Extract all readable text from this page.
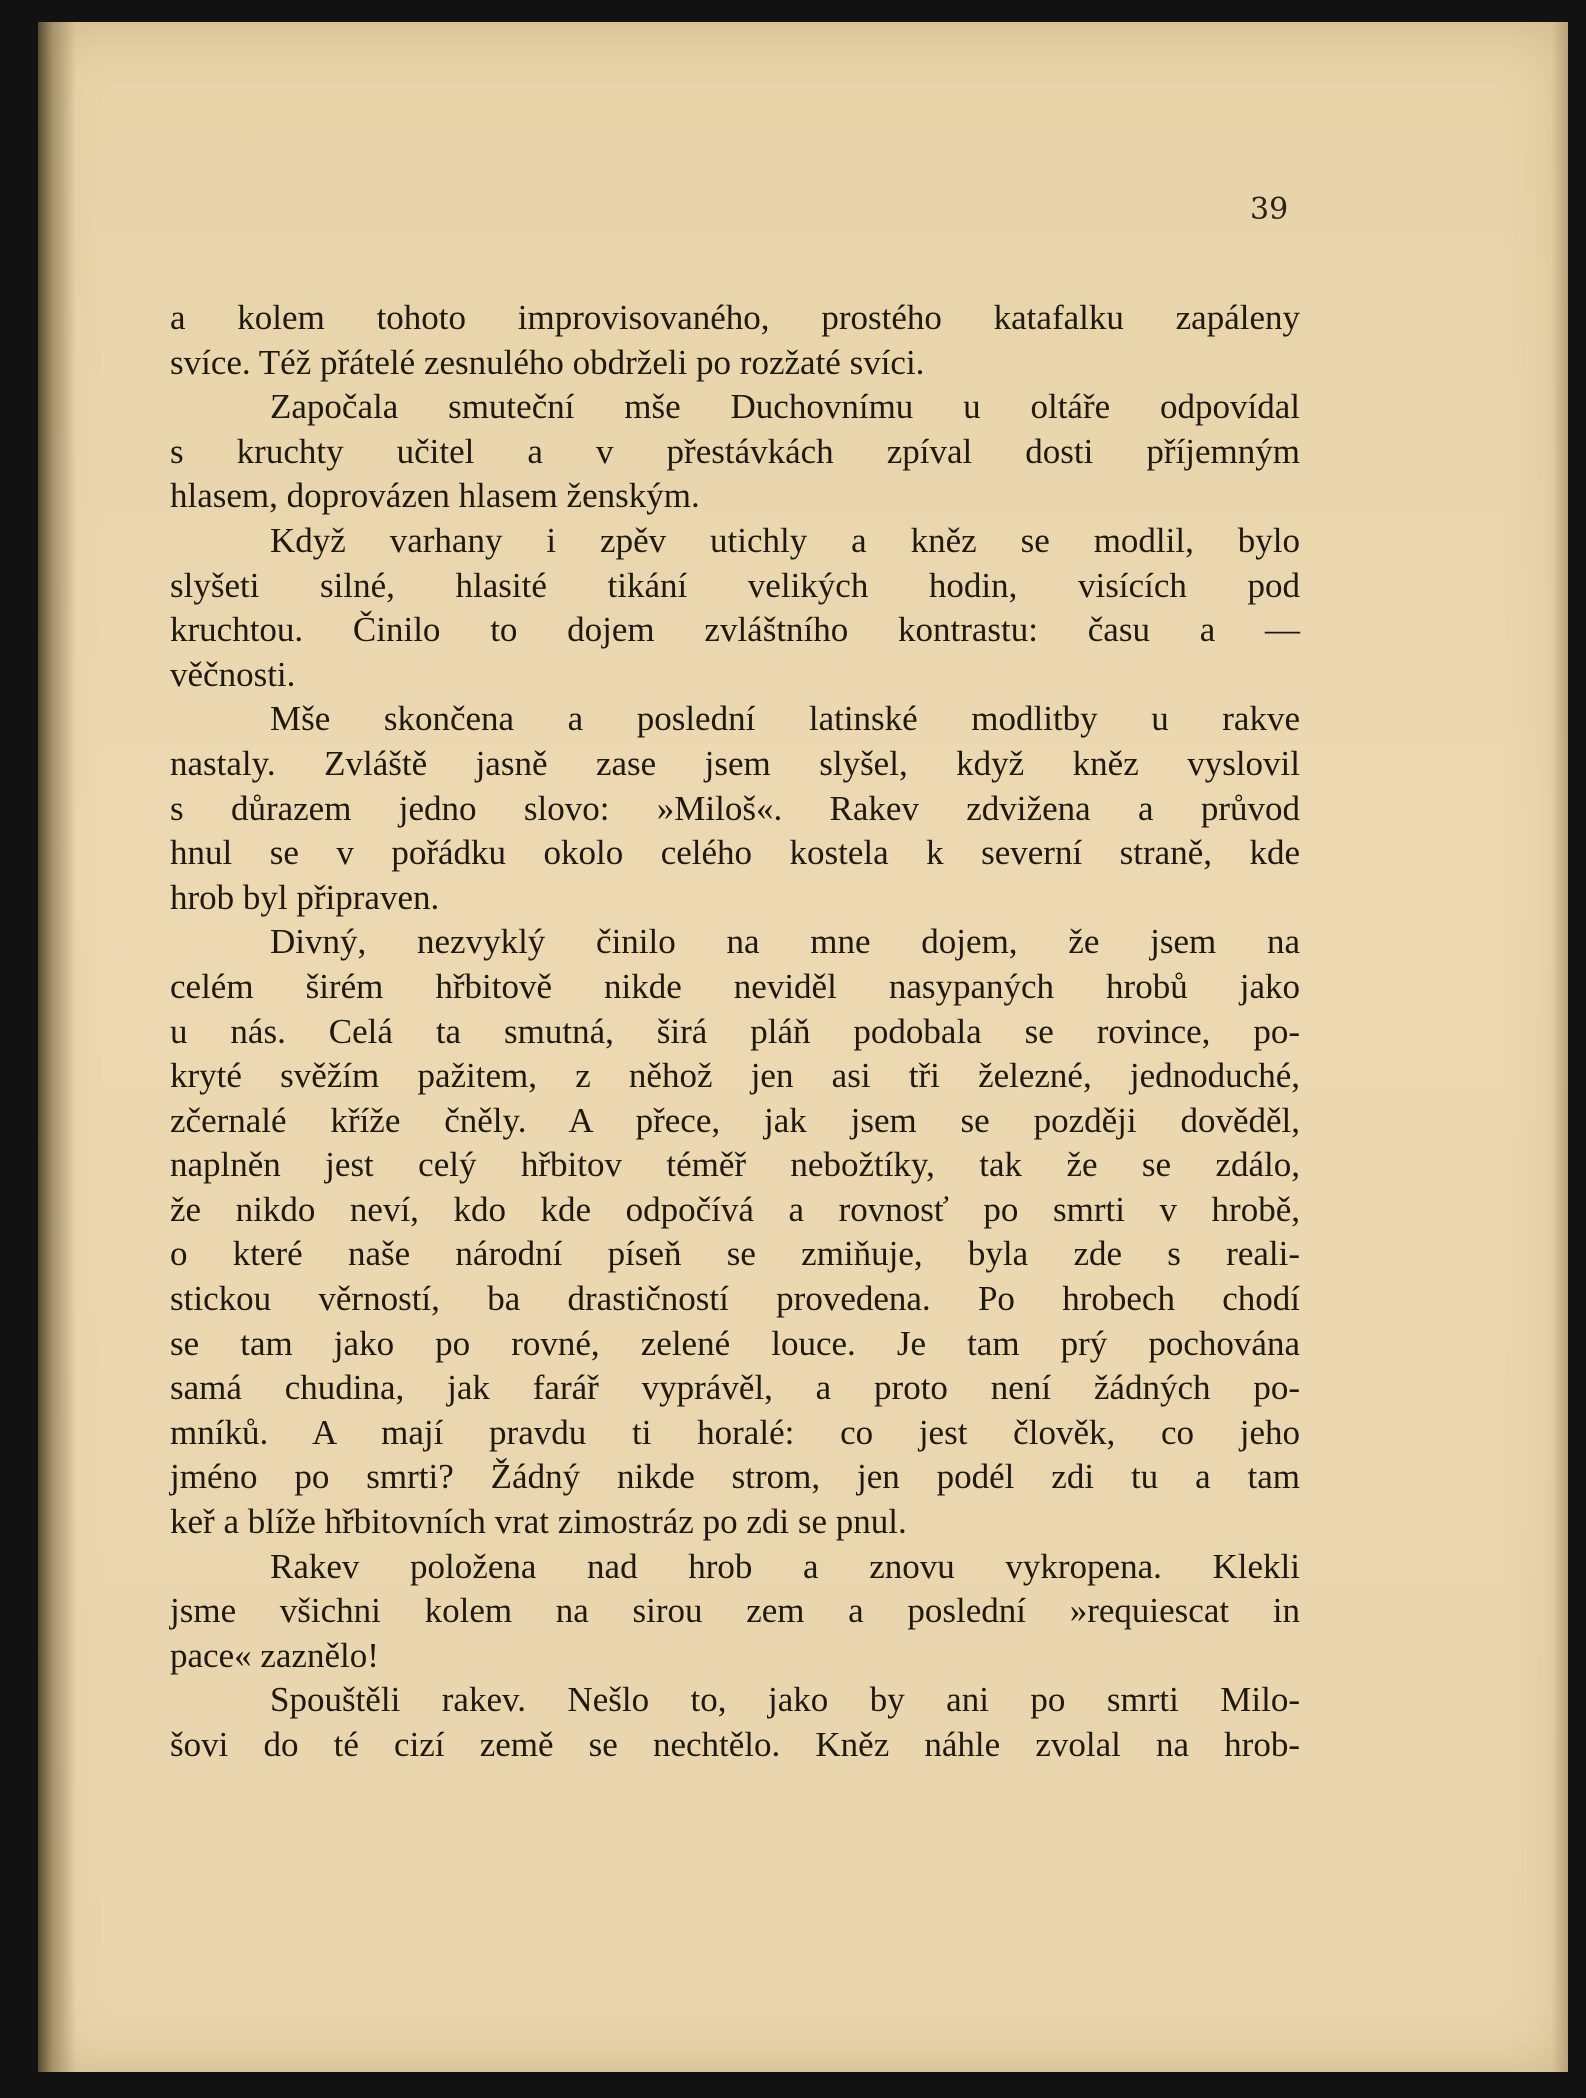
39
a kolem tohoto improvisovaného, prostého katafalku zapáleny
svíce. Též přátelé zesnulého obdrželi po rozžaté svíci.
Započala smuteční mše Duchovnímu u oltáře odpovídal
s kruchty učitel a v přestávkách zpíval dosti příjemným
hlasem, doprovázen hlasem ženským.
Když varhany i zpěv utichly a kněz se modlil, bylo
slyšeti silné, hlasité tikání velikých hodin, visících pod
kruchtou. Činilo to dojem zvláštního kontrastu: času a —
věčnosti.
Mše skončena a poslední latinské modlitby u rakve
nastaly. Zvláště jasně zase jsem slyšel, když kněz vyslovil
s důrazem jedno slovo: »Miloš«. Rakev zdvižena a průvod
hnul se v pořádku okolo celého kostela k severní straně, kde
hrob byl připraven.
Divný, nezvyklý činilo na mne dojem, že jsem na
celém širém hřbitově nikde neviděl nasypaných hrobů jako
u nás. Celá ta smutná, širá pláň podobala se rovince, po-
kryté svěžím pažitem, z něhož jen asi tři železné, jednoduché,
zčernalé kříže čněly. A přece, jak jsem se později dověděl,
naplněn jest celý hřbitov téměř nebožtíky, tak že se zdálo,
že nikdo neví, kdo kde odpočívá a rovnosť po smrti v hrobě,
o které naše národní píseň se zmiňuje, byla zde s reali-
stickou věrností, ba drastičností provedena. Po hrobech chodí
se tam jako po rovné, zelené louce. Je tam prý pochována
samá chudina, jak farář vyprávěl, a proto není žádných po-
mníků. A mají pravdu ti horalé: co jest člověk, co jeho
jméno po smrti? Žádný nikde strom, jen podél zdi tu a tam
keř a blíže hřbitovních vrat zimostráz po zdi se pnul.
Rakev položena nad hrob a znovu vykropena. Klekli
jsme všichni kolem na sirou zem a poslední »requiescat in
pace« zaznělo!
Spouštěli rakev. Nešlo to, jako by ani po smrti Milo-
šovi do té cizí země se nechtělo. Kněz náhle zvolal na hrob-
